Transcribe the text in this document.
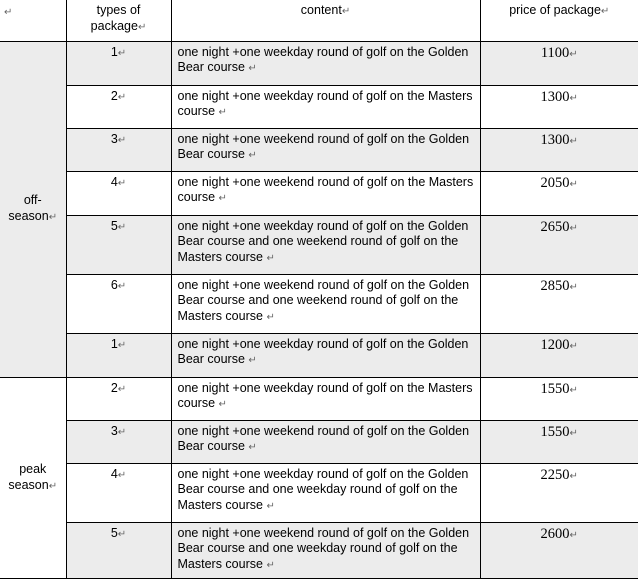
↵	types of
package↵	content↵	price of package↵
off-
season↵	1↵	one night +one weekday round of golf on the Golden Bear course ↵	1100↵
	2↵	one night +one weekday round of golf on the Masters course ↵	1300↵
	3↵	one night +one weekend round of golf on the Golden Bear course ↵	1300↵
	4↵	one night +one weekend round of golf on the Masters course ↵	2050↵
	5↵	one night +one weekday round of golf on the Golden Bear course and one weekend round of golf on the Masters course ↵	2650↵
	6↵	one night +one weekend round of golf on the Golden Bear course and one weekend round of golf on the Masters course ↵	2850↵
	1↵	one night +one weekday round of golf on the Golden Bear course ↵	1200↵
peak
season↵	2↵	one night +one weekday round of golf on the Masters course ↵	1550↵
	3↵	one night +one weekend round of golf on the Golden Bear course ↵	1550↵
	4↵	one night +one weekday round of golf on the Golden Bear course and one weekday round of golf on the Masters course ↵	2250↵
	5↵	one night +one weekend round of golf on the Golden Bear course and one weekday round of golf on the Masters course ↵	2600↵
